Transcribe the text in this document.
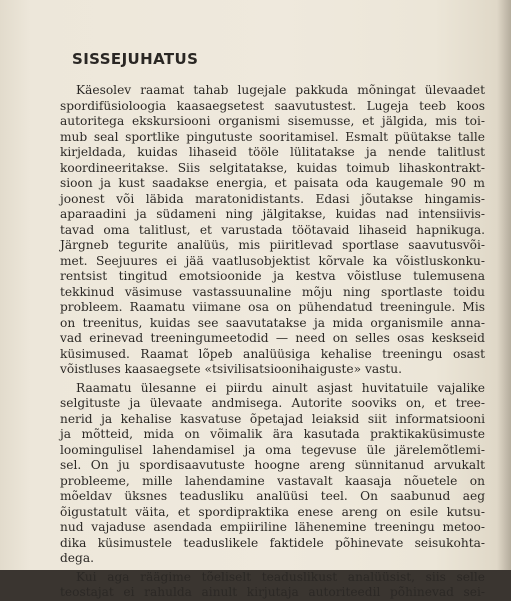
SISSEJUHATUS
Käesolev raamat tahab lugejale pakkuda mõningat ülevaadet
spordifüsioloogia kaasaegsetest saavutustest. Lugeja teeb koos
autoritega ekskursiooni organismi sisemusse, et jälgida, mis toi-
mub seal sportlike pingutuste sooritamisel. Esmalt püütakse talle
kirjeldada, kuidas lihaseid tööle lülitatakse ja nende talitlust
koordineeritakse. Siis selgitatakse, kuidas toimub lihaskontrakt-
sioon ja kust saadakse energia, et paisata oda kaugemale 90 m
joonest või läbida maratonidistants. Edasi jõutakse hingamis-
aparaadini ja südameni ning jälgitakse, kuidas nad intensiivis-
tavad oma talitlust, et varustada töötavaid lihaseid hapnikuga.
Järgneb tegurite analüüs, mis piiritlevad sportlase saavutusvõi-
met. Seejuures ei jää vaatlusobjektist kõrvale ka võistluskonku-
rentsist tingitud emotsioonide ja kestva võistluse tulemusena
tekkinud väsimuse vastassuunaline mõju ning sportlaste toidu
probleem. Raamatu viimane osa on pühendatud treeningule. Mis
on treenitus, kuidas see saavutatakse ja mida organismile anna-
vad erinevad treeningumeetodid — need on selles osas keskseid
küsimused. Raamat lõpeb analüüsiga kehalise treeningu osast
võistluses kaasaegsete «tsivilisatsioonihaiguste» vastu.
Raamatu ülesanne ei piirdu ainult asjast huvitatuile vajalike
selgituste ja ülevaate andmisega. Autorite sooviks on, et tree-
nerid ja kehalise kasvatuse õpetajad leiaksid siit informatsiooni
ja mõtteid, mida on võimalik ära kasutada praktikaküsimuste
loomingulisel lahendamisel ja oma tegevuse üle järelemõtlemi-
sel. On ju spordisaavutuste hoogne areng sünnitanud arvukalt
probleeme, mille lahendamine vastavalt kaasaja nõuetele on
mõeldav üksnes teadusliku analüüsi teel. On saabunud aeg
õigustatult väita, et spordipraktika enese areng on esile kutsu-
nud vajaduse asendada empiiriline lähenemine treeningu metoo-
dika küsimustele teaduslikele faktidele põhinevate seisukohta-
dega.
Kui aga räägime tõeliselt teaduslikust analüüsist, siis selle
teostajat ei rahulda ainult kirjutaja autoriteedil põhinevad sei-
